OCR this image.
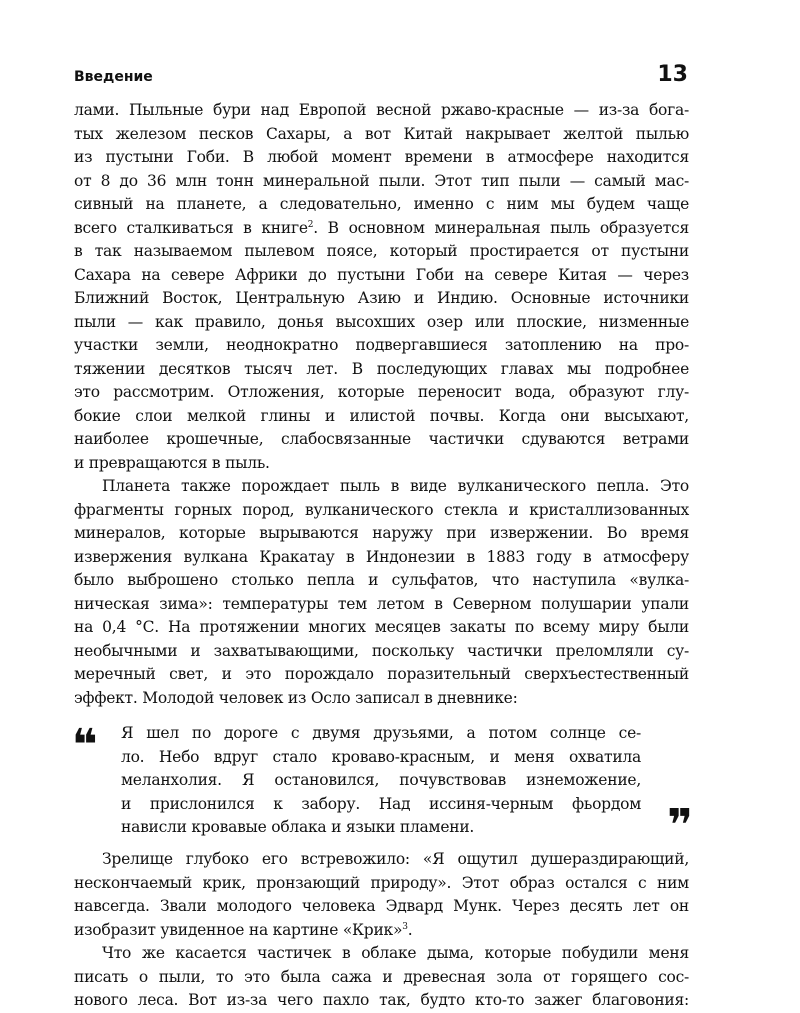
Введение	13
лами. Пыльные бури над Европой весной ржаво-красные — из-за бога-
тых железом песков Сахары, а вот Китай накрывает желтой пылью
из пустыни Гоби. В любой момент времени в атмосфере находится
от 8 до 36 млн тонн минеральной пыли. Этот тип пыли — самый мас-
сивный на планете, а следовательно, именно с ним мы будем чаще
всего сталкиваться в книге$^2$. В основном минеральная пыль образуется
в так называемом пылевом поясе, который простирается от пустыни
Сахара на севере Африки до пустыни Гоби на севере Китая — через
Ближний Восток, Центральную Азию и Индию. Основные источники
пыли — как правило, донья высохших озер или плоские, низменные
участки земли, неоднократно подвергавшиеся затоплению на про-
тяжении десятков тысяч лет. В последующих главах мы подробнее
это рассмотрим. Отложения, которые переносит вода, образуют глу-
бокие слои мелкой глины и илистой почвы. Когда они высыхают,
наиболее крошечные, слабосвязанные частички сдуваются ветрами
и превращаются в пыль.
Планета также порождает пыль в виде вулканического пепла. Это
фрагменты горных пород, вулканического стекла и кристаллизованных
минералов, которые вырываются наружу при извержении. Во время
извержения вулкана Кракатау в Индонезии в 1883 году в атмосферу
было выброшено столько пепла и сульфатов, что наступила «вулка-
ническая зима»: температуры тем летом в Северном полушарии упали
на 0,4 °С. На протяжении многих месяцев закаты по всему миру были
необычными и захватывающими, поскольку частички преломляли су-
меречный свет, и это порождало поразительный сверхъестественный
эффект. Молодой человек из Осло записал в дневнике:
❝ Я шел по дороге с двумя друзьями, а потом солнце се-
ло. Небо вдруг стало кроваво-красным, и меня охватила
меланхолия. Я остановился, почувствовав изнеможение,
и прислонился к забору. Над иссиня-черным фьордом
нависли кровавые облака и языки пламени.	❞
Зрелище глубоко его встревожило: «Я ощутил душераздирающий,
нескончаемый крик, пронзающий природу». Этот образ остался с ним
навсегда. Звали молодого человека Эдвард Мунк. Через десять лет он
изобразит увиденное на картине «Крик»$^3$.
Что же касается частичек в облаке дыма, которые побудили меня
писать о пыли, то это была сажа и древесная зола от горящего сос-
нового леса. Вот из-за чего пахло так, будто кто-то зажег благовония:
